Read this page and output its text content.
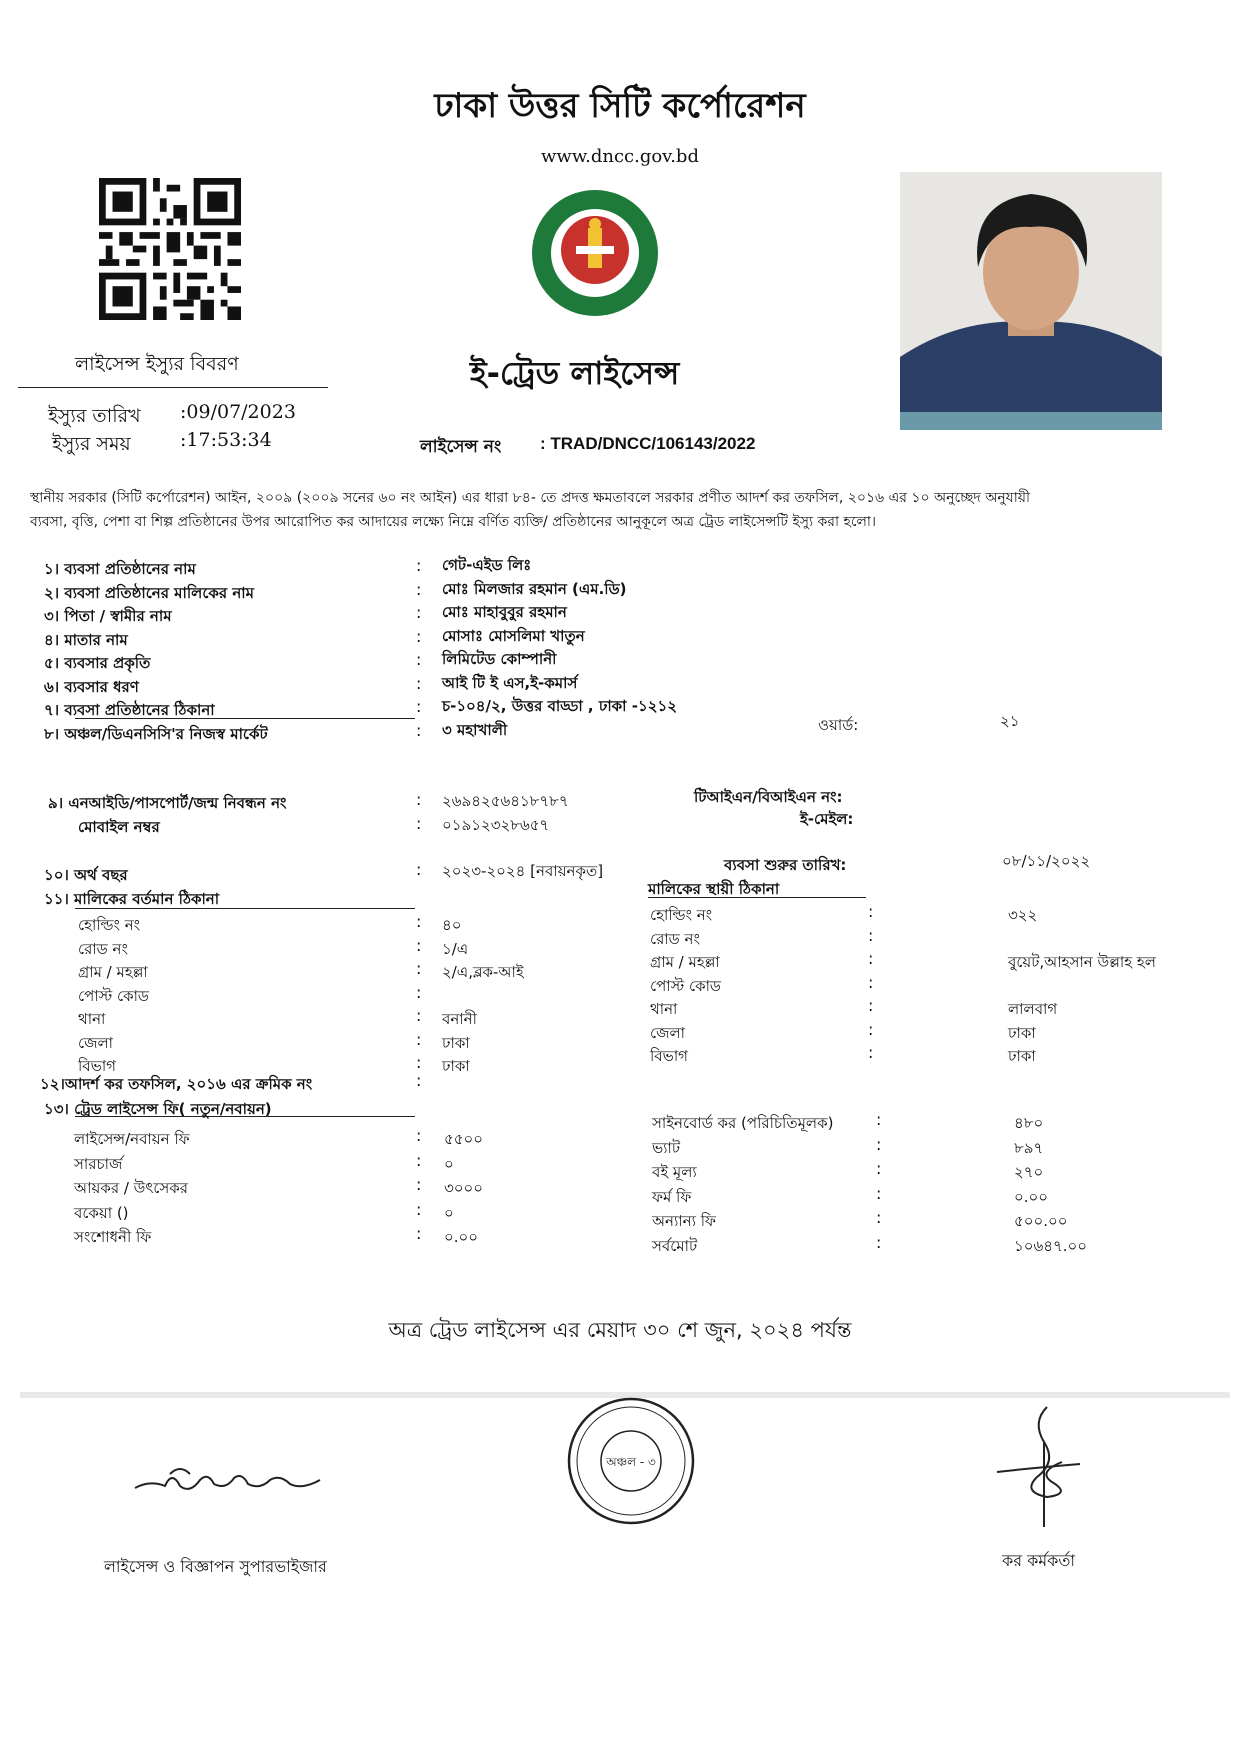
ঢাকা উত্তর সিটি কর্পোরেশন
www.dncc.gov.bd
লাইসেন্স ইস্যুর বিবরণ
ইস্যুর তারিখ :09/07/2023
ইস্যুর সময়	:17:53:34
ই-ট্রেড লাইসেন্স
লাইসেন্স নং : TRAD/DNCC/106143/2022
স্থানীয় সরকার (সিটি কর্পোরেশন) আইন, ২০০৯ (২০০৯ সনের ৬০ নং আইন) এর ধারা ৮৪- তে প্রদত্ত ক্ষমতাবলে সরকার প্রণীত আদর্শ কর তফসিল, ২০১৬ এর ১০ অনুচ্ছেদ অনুযায়ী
ব্যবসা, বৃত্তি, পেশা বা শিল্প প্রতিষ্ঠানের উপর আরোপিত কর আদায়ের লক্ষ্যে নিম্নে বর্ণিত ব্যক্তি/ প্রতিষ্ঠানের আনুকূলে অত্র ট্রেড লাইসেন্সটি ইস্যু করা হলো।
১। ব্যবসা প্রতিষ্ঠানের নাম	: গেট-এইড লিঃ
২। ব্যবসা প্রতিষ্ঠানের মালিকের নাম	: মোঃ মিলজার রহমান (এম.ডি)
৩। পিতা / স্বামীর নাম	: মোঃ মাহাবুবুর রহমান
৪। মাতার নাম	: মোসাঃ মোসলিমা খাতুন
৫। ব্যবসার প্রকৃতি	: লিমিটেড কোম্পানী
৬। ব্যবসার ধরণ	: আই টি ই এস,ই-কমার্স
৭। ব্যবসা প্রতিষ্ঠানের ঠিকানা	: চ-১০৪/২, উত্তর বাড্ডা , ঢাকা -১২১২
৮। অঞ্চল/ডিএনসিসি'র নিজস্ব মার্কেট	: ৩ মহাখালী	ওয়ার্ড:	২১
৯। এনআইডি/পাসপোর্ট/জন্ম নিবন্ধন নং	: ২৬৯৪২৫৬৪১৮৭৮৭
মোবাইল নম্বর	: ০১৯১২৩২৮৬৫৭
টিআইএন/বিআইএন নং:
ই-মেইল:
১০। অর্থ বছর	: ২০২৩-২০২৪ [নবায়নকৃত]	ব্যবসা শুরুর তারিখ:	০৮/১১/২০২২
১১। মালিকের বর্তমান ঠিকানা
হোল্ডিং নং	: ৪০
রোড নং	: ১/এ
গ্রাম / মহল্লা	: ২/এ,ব্লক-আই
পোস্ট কোড	:
থানা	: বনানী
জেলা	: ঢাকা
বিভাগ	: ঢাকা
মালিকের স্থায়ী ঠিকানা
হোল্ডিং নং	:	৩২২
রোড নং	:
গ্রাম / মহল্লা	:	বুয়েট,আহসান উল্লাহ হল
পোস্ট কোড	:
থানা	:	লালবাগ
জেলা	:	ঢাকা
বিভাগ	:	ঢাকা
১২।আদর্শ কর তফসিল, ২০১৬ এর ক্রমিক নং	:
১৩। ট্রেড লাইসেন্স ফি( নতুন/নবায়ন)
লাইসেন্স/নবায়ন ফি	: ৫৫০০
সারচার্জ	: ০
আয়কর / উৎসেকর	: ৩০০০
বকেয়া ()	: ০
সংশোধনী ফি	: ০.০০
সাইনবোর্ড কর (পরিচিতিমূলক)	:	৪৮০
ভ্যাট	:	৮৯৭
বই মূল্য	:	২৭০
ফর্ম ফি	:	০.০০
অন্যান্য ফি	:	৫০০.০০
সর্বমোট	:	১০৬৪৭.০০
অত্র ট্রেড লাইসেন্স এর মেয়াদ ৩০ শে জুন, ২০২৪ পর্যন্ত
অঞ্চল - ৩
লাইসেন্স ও বিজ্ঞাপন সুপারভাইজার	কর কর্মকর্তা
